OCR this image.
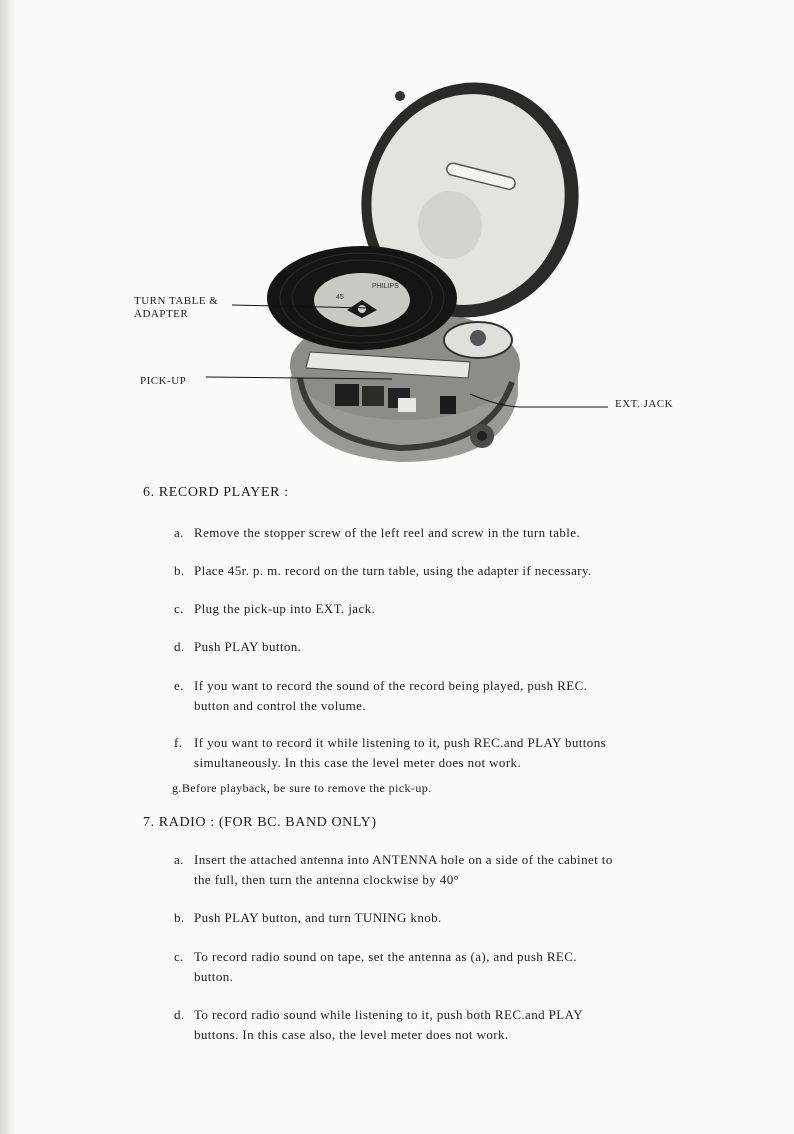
PHILIPS
45
TURN TABLE &
ADAPTER
PICK-UP
EXT. JACK
6. RECORD PLAYER :
a. Remove the stopper screw of the left reel and screw in the turn table.
b. Place 45r. p. m. record on the turn table, using the adapter if necessary.
c. Plug the pick-up into EXT. jack.
d. Push PLAY button.
e. If you want to record the sound of the record being played, push REC.
button and control the volume.
f. If you want to record it while listening to it, push REC.and PLAY buttons
simultaneously. In this case the level meter does not work.
g.Before playback, be sure to remove the pick-up.
7. RADIO : (FOR BC. BAND ONLY)
a. Insert the attached antenna into ANTENNA hole on a side of the cabinet to
the full, then turn the antenna clockwise by 40°
b. Push PLAY button, and turn TUNING knob.
c. To record radio sound on tape, set the antenna as (a), and push REC.
button.
d. To record radio sound while listening to it, push both REC.and PLAY
buttons. In this case also, the level meter does not work.
